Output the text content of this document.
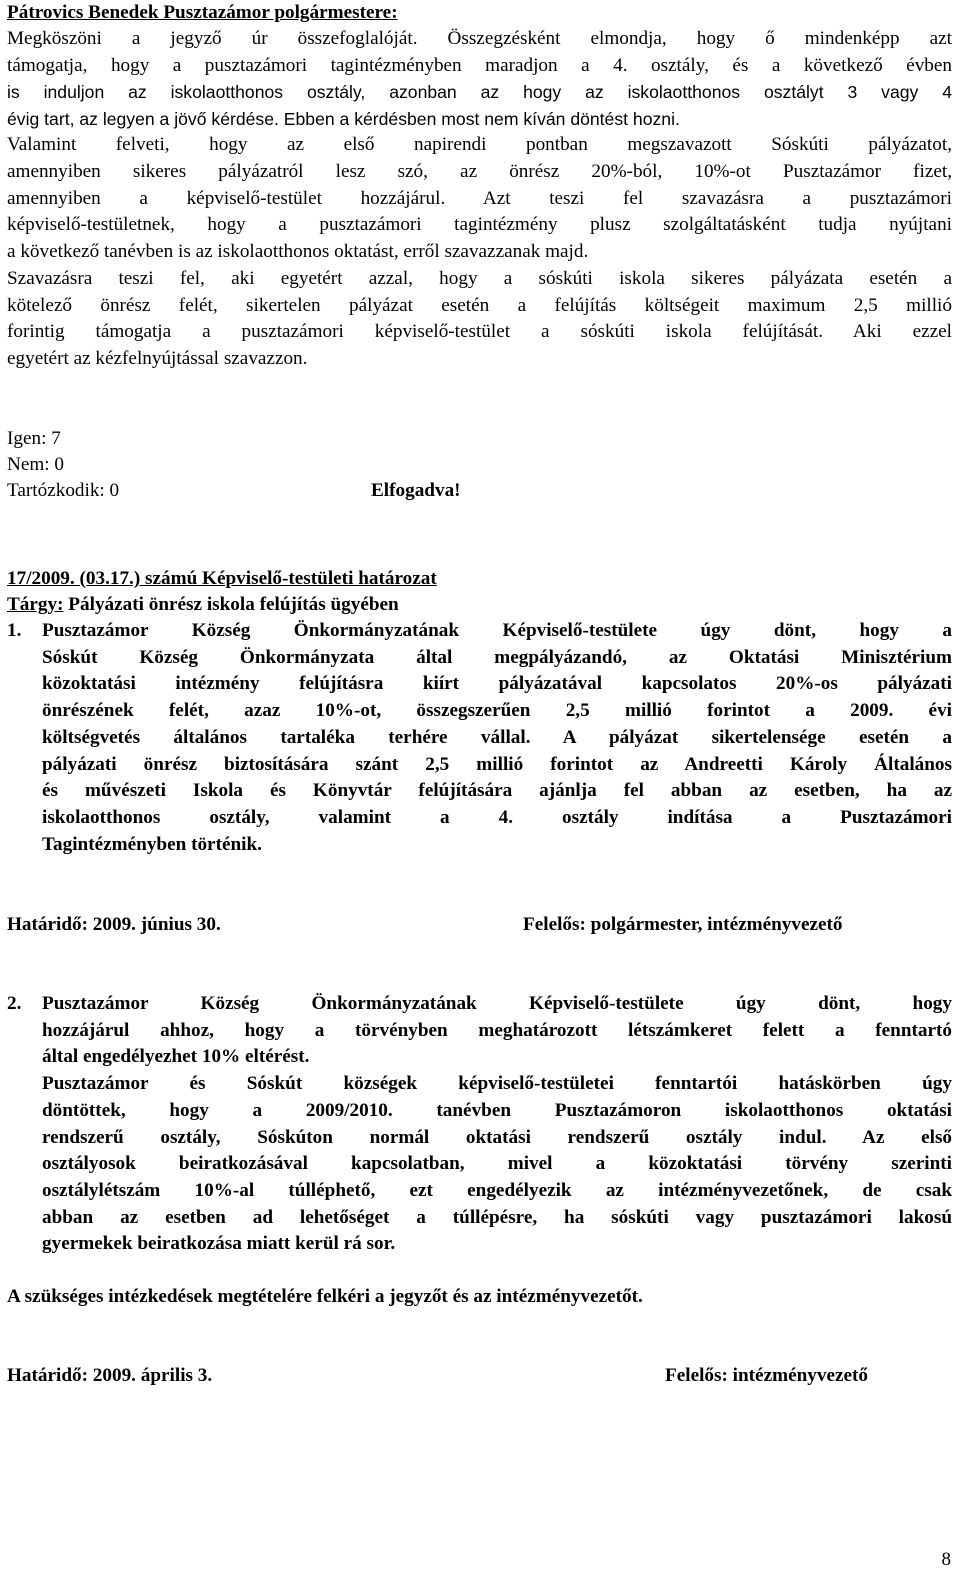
Pátrovics Benedek Pusztazámor polgármestere:
Megköszöni a jegyző úr összefoglalóját. Összegzésként elmondja, hogy ő mindenképp azt
támogatja, hogy a pusztazámori tagintézményben maradjon a 4. osztály, és a következő évben
is induljon az iskolaotthonos osztály, azonban az hogy az iskolaotthonos osztályt 3 vagy 4
évig tart, az legyen a jövő kérdése. Ebben a kérdésben most nem kíván döntést hozni.
Valamint felveti, hogy az első napirendi pontban megszavazott Sóskúti pályázatot,
amennyiben sikeres pályázatról lesz szó, az önrész 20%-ból, 10%-ot Pusztazámor fizet,
amennyiben a képviselő-testület hozzájárul. Azt teszi fel szavazásra a pusztazámori
képviselő-testületnek, hogy a pusztazámori tagintézmény plusz szolgáltatásként tudja nyújtani
a következő tanévben is az iskolaotthonos oktatást, erről szavazzanak majd.
Szavazásra teszi fel, aki egyetért azzal, hogy a sóskúti iskola sikeres pályázata esetén a
kötelező önrész felét, sikertelen pályázat esetén a felújítás költségeit maximum 2,5 millió
forintig támogatja a pusztazámori képviselő-testület a sóskúti iskola felújítását. Aki ezzel
egyetért az kézfelnyújtással szavazzon.
Igen: 7
Nem: 0
Tartózkodik: 0	Elfogadva!
17/2009. (03.17.) számú Képviselő-testületi határozat
Tárgy: Pályázati önrész iskola felújítás ügyében
1. Pusztazámor Község Önkormányzatának Képviselő-testülete úgy dönt, hogy a
Sóskút Község Önkormányzata által megpályázandó, az Oktatási Minisztérium
közoktatási intézmény felújításra kiírt pályázatával kapcsolatos 20%-os pályázati
önrészének felét, azaz 10%-ot, összegszerűen 2,5 millió forintot a 2009. évi
költségvetés általános tartaléka terhére vállal. A pályázat sikertelensége esetén a
pályázati önrész biztosítására szánt 2,5 millió forintot az Andreetti Károly Általános
és művészeti Iskola és Könyvtár felújítására ajánlja fel abban az esetben, ha az
iskolaotthonos osztály, valamint a 4. osztály indítása a Pusztazámori
Tagintézményben történik.
Határidő: 2009. június 30.	Felelős: polgármester, intézményvezető
2. Pusztazámor Község Önkormányzatának Képviselő-testülete úgy dönt, hogy
hozzájárul ahhoz, hogy a törvényben meghatározott létszámkeret felett a fenntartó
által engedélyezhet 10% eltérést.
Pusztazámor és Sóskút községek képviselő-testületei fenntartói hatáskörben úgy
döntöttek, hogy a 2009/2010. tanévben Pusztazámoron iskolaotthonos oktatási
rendszerű osztály, Sóskúton normál oktatási rendszerű osztály indul. Az első
osztályosok beiratkozásával kapcsolatban, mivel a közoktatási törvény szerinti
osztálylétszám 10%-al túlléphető, ezt engedélyezik az intézményvezetőnek, de csak
abban az esetben ad lehetőséget a túllépésre, ha sóskúti vagy pusztazámori lakosú
gyermekek beiratkozása miatt kerül rá sor.
A szükséges intézkedések megtételére felkéri a jegyzőt és az intézményvezetőt.
Határidő: 2009. április 3.	Felelős: intézményvezető
8
